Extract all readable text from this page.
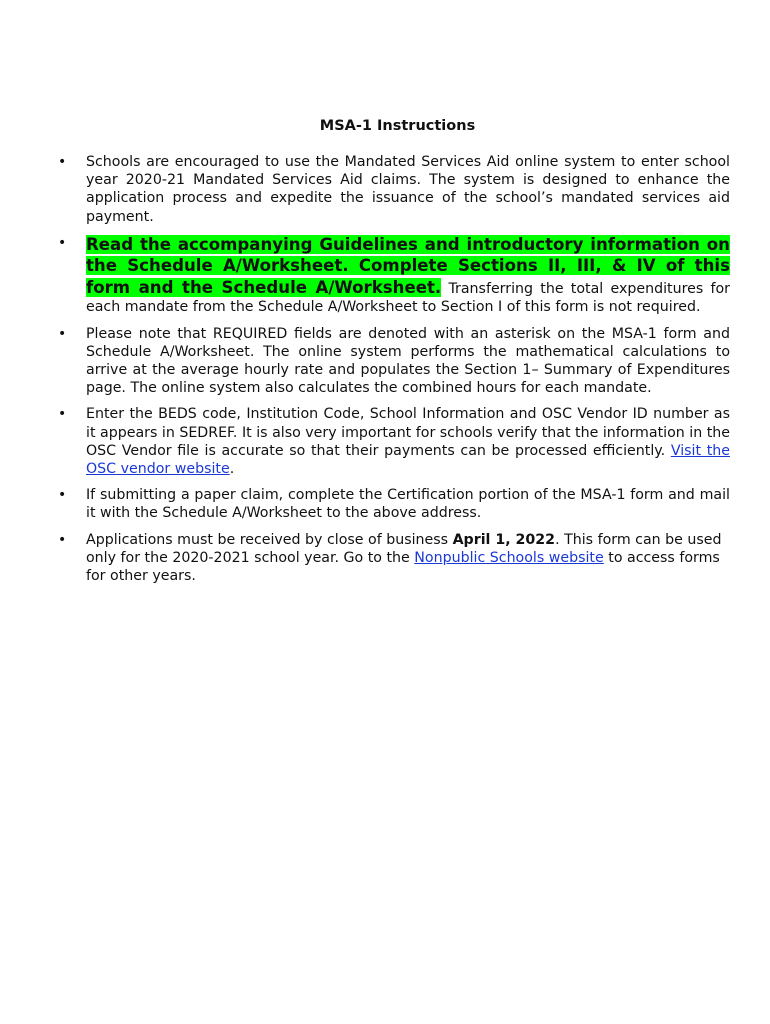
MSA-1 Instructions
• Schools are encouraged to use the Mandated Services Aid online system to enter school year 2020-21 Mandated Services Aid claims. The system is designed to enhance the application process and expedite the issuance of the school’s mandated services aid payment.
• Read the accompanying Guidelines and introductory information on the Schedule A/Worksheet. Complete Sections II, III, & IV of this form and the Schedule A/Worksheet. Transferring the total expenditures for each mandate from the Schedule A/Worksheet to Section I of this form is not required.
• Please note that REQUIRED fields are denoted with an asterisk on the MSA-1 form and Schedule A/Worksheet. The online system performs the mathematical calculations to arrive at the average hourly rate and populates the Section 1– Summary of Expenditures page. The online system also calculates the combined hours for each mandate.
• Enter the BEDS code, Institution Code, School Information and OSC Vendor ID number as it appears in SEDREF. It is also very important for schools verify that the information in the OSC Vendor file is accurate so that their payments can be processed efficiently. Visit the OSC vendor website.
• If submitting a paper claim, complete the Certification portion of the MSA-1 form and mail it with the Schedule A/Worksheet to the above address.
• Applications must be received by close of business April 1, 2022. This form can be used only for the 2020-2021 school year. Go to the Nonpublic Schools website to access forms for other years.
